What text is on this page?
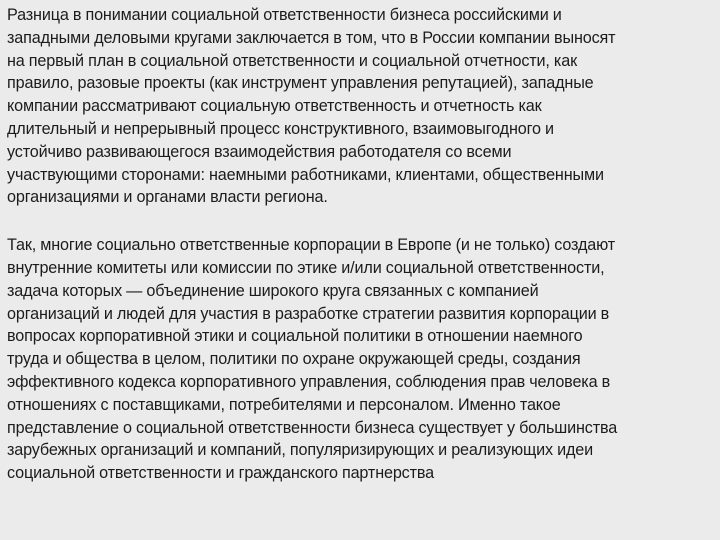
Разница в понимании социальной ответственности бизнеса российскими и
западными деловыми кругами заключается в том, что в России компании выносят
на первый план в социальной ответственности и социальной отчетности, как
правило, разовые проекты (как инструмент управления репутацией), западные
компании рассматривают социальную ответственность и отчетность как
длительный и непрерывный процесс конструктивного, взаимовыгодного и
устойчиво развивающегося взаимодействия работодателя со всеми
участвующими сторонами: наемными работниками, клиентами, общественными
организациями и органами власти региона.

Так, многие социально ответственные корпорации в Европе (и не только) создают
внутренние комитеты или комиссии по этике и/или социальной ответственности,
задача которых — объединение широкого круга связанных с компанией
организаций и людей для участия в разработке стратегии развития корпорации в
вопросах корпоративной этики и социальной политики в отношении наемного
труда и общества в целом, политики по охране окружающей среды, создания
эффективного кодекса корпоративного управления, соблюдения прав человека в
отношениях с поставщиками, потребителями и персоналом. Именно такое
представление о социальной ответственности бизнеса существует у большинства
зарубежных организаций и компаний, популяризирующих и реализующих идеи
социальной ответственности и гражданского партнерства
